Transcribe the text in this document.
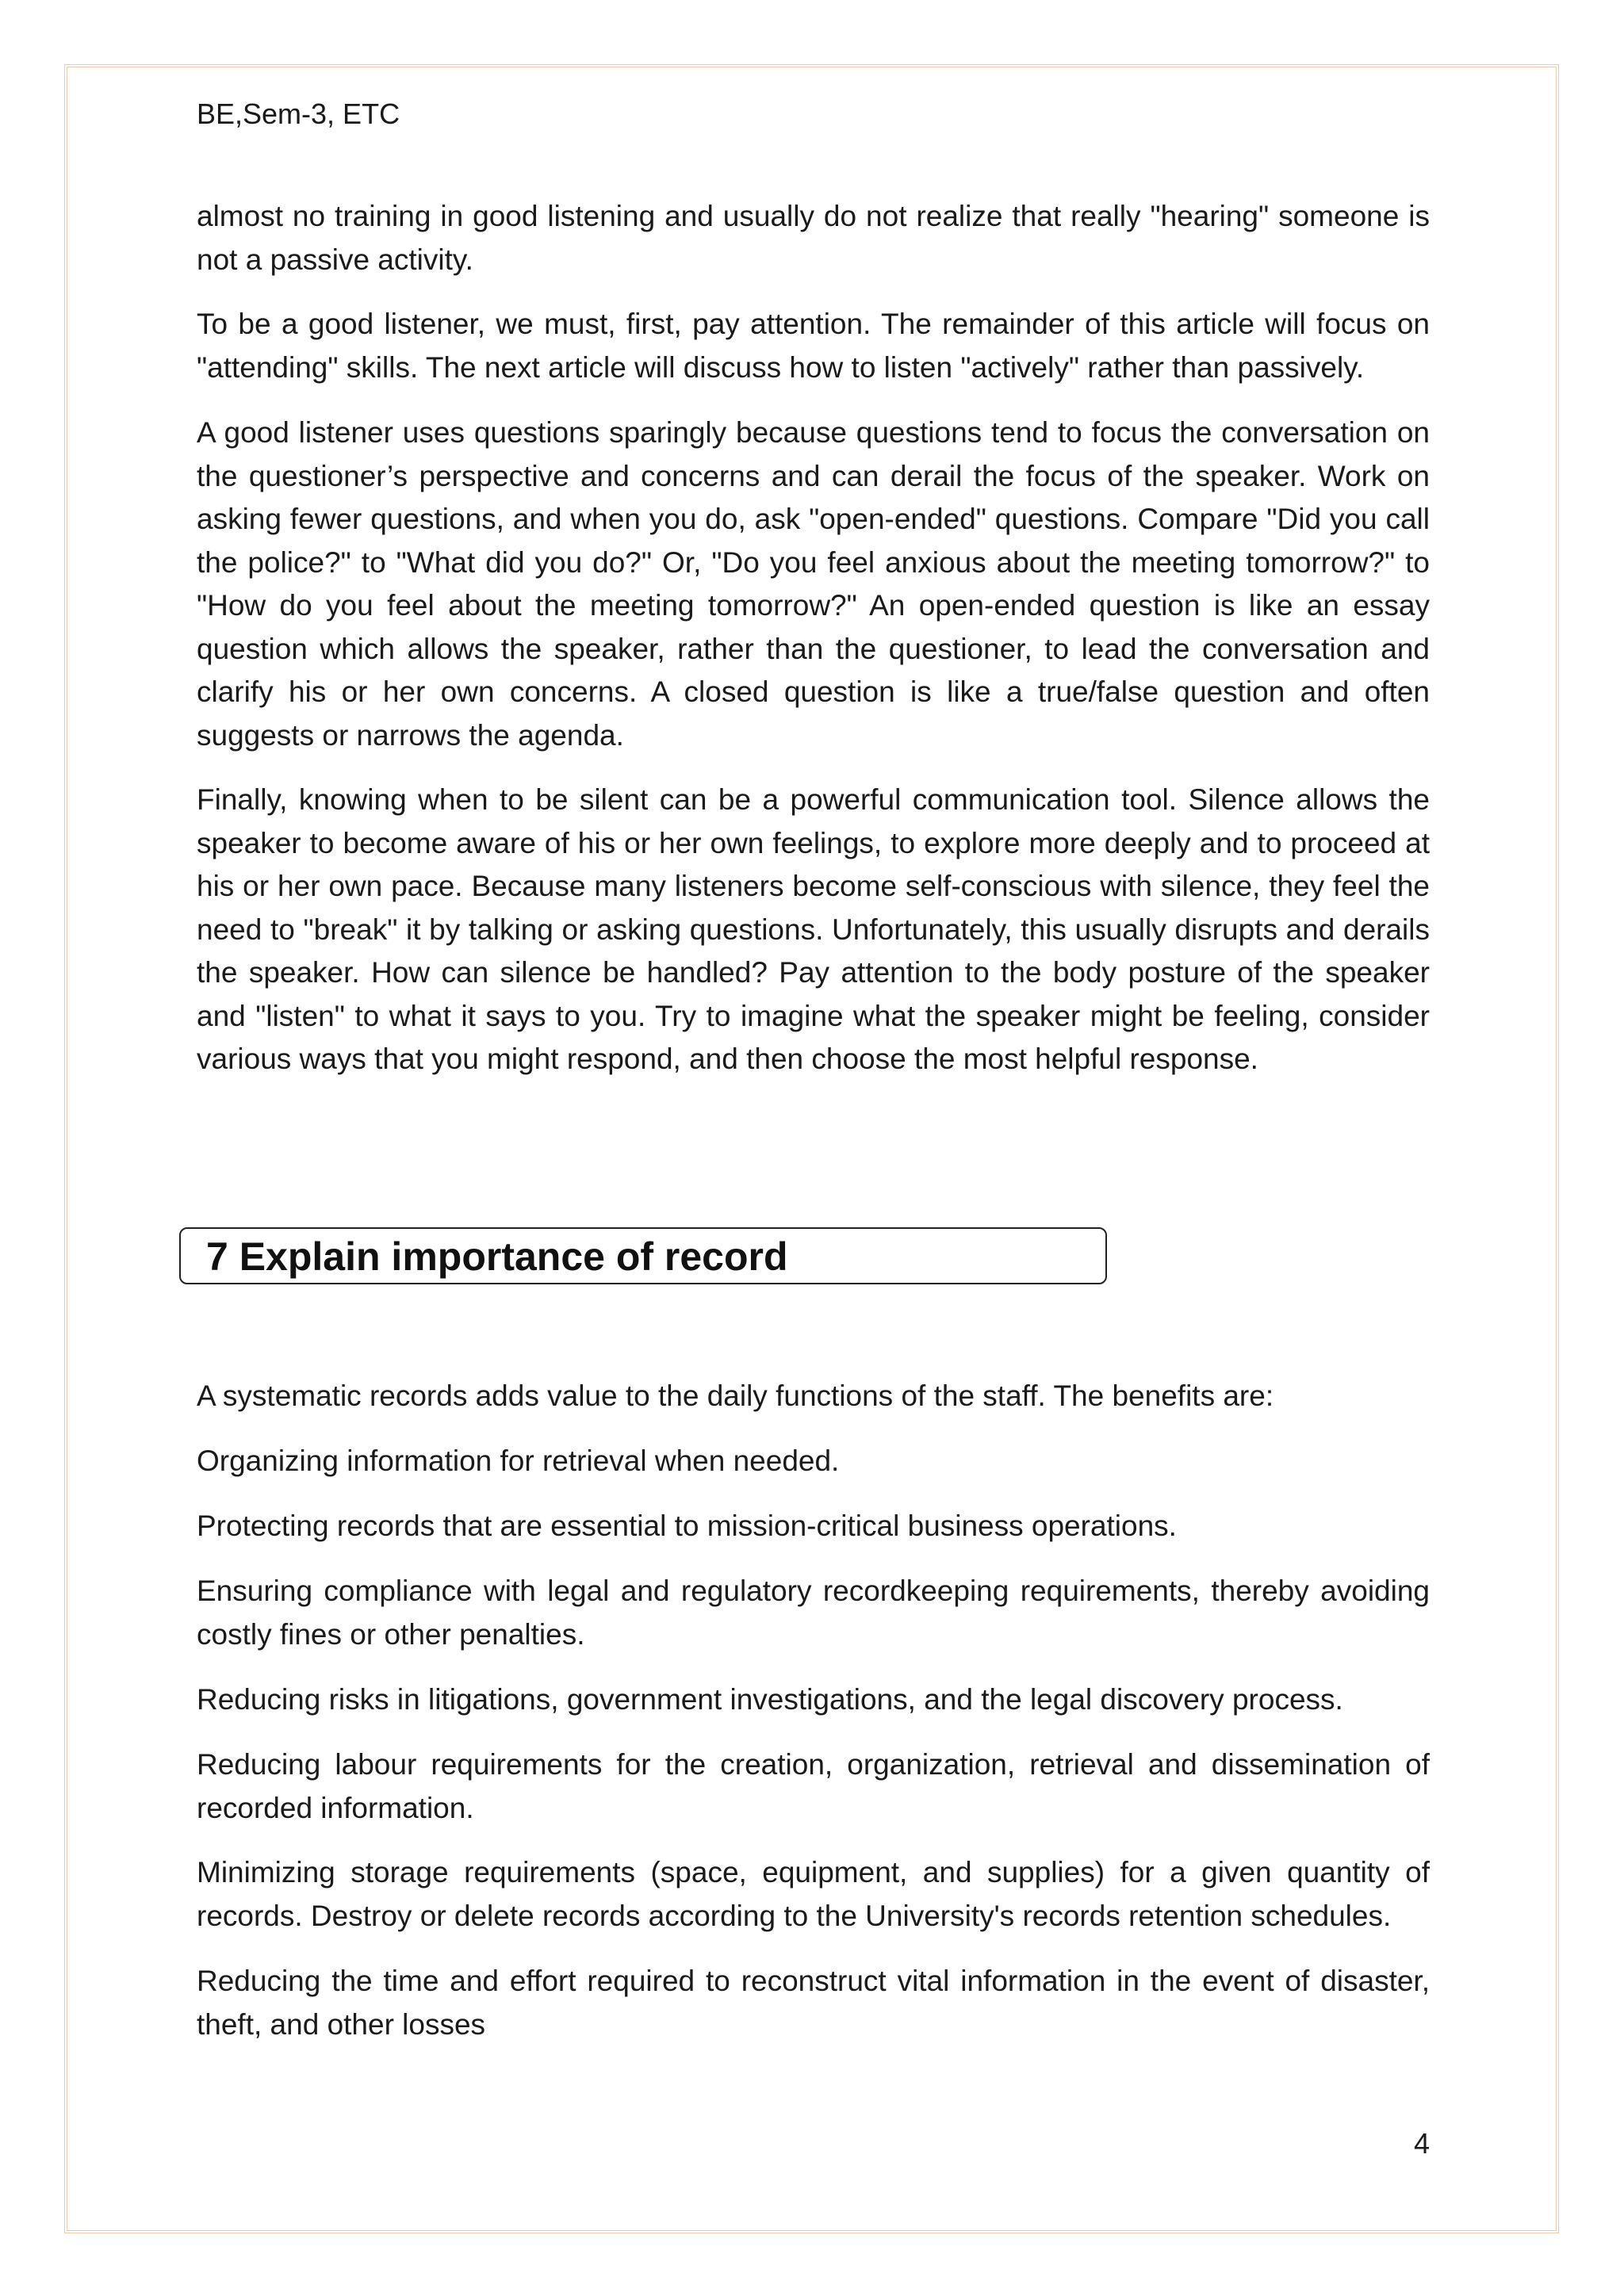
BE,Sem-3, ETC

almost no training in good listening and usually do not realize that really "hearing" someone is not a passive activity.

To be a good listener, we must, first, pay attention. The remainder of this article will focus on "attending" skills. The next article will discuss how to listen "actively" rather than passively.

A good listener uses questions sparingly because questions tend to focus the conversation on the questioner’s perspective and concerns and can derail the focus of the speaker. Work on asking fewer questions, and when you do, ask "open-ended" questions. Compare "Did you call the police?" to "What did you do?" Or, "Do you feel anxious about the meeting tomorrow?" to "How do you feel about the meeting tomorrow?" An open-ended question is like an essay question which allows the speaker, rather than the questioner, to lead the conversation and clarify his or her own concerns. A closed question is like a true/false question and often suggests or narrows the agenda.

Finally, knowing when to be silent can be a powerful communication tool. Silence allows the speaker to become aware of his or her own feelings, to explore more deeply and to proceed at his or her own pace. Because many listeners become self-conscious with silence, they feel the need to "break" it by talking or asking questions. Unfortunately, this usually disrupts and derails the speaker. How can silence be handled? Pay attention to the body posture of the speaker and "listen" to what it says to you. Try to imagine what the speaker might be feeling, consider various ways that you might respond, and then choose the most helpful response.

7 Explain importance of record

A systematic records adds value to the daily functions of the staff. The benefits are:

Organizing information for retrieval when needed.

Protecting records that are essential to mission-critical business operations.

Ensuring compliance with legal and regulatory recordkeeping requirements, thereby avoiding costly fines or other penalties.

Reducing risks in litigations, government investigations, and the legal discovery process.

Reducing labour requirements for the creation, organization, retrieval and dissemination of recorded information.

Minimizing storage requirements (space, equipment, and supplies) for a given quantity of records. Destroy or delete records according to the University's records retention schedules.

Reducing the time and effort required to reconstruct vital information in the event of disaster, theft, and other losses

4
